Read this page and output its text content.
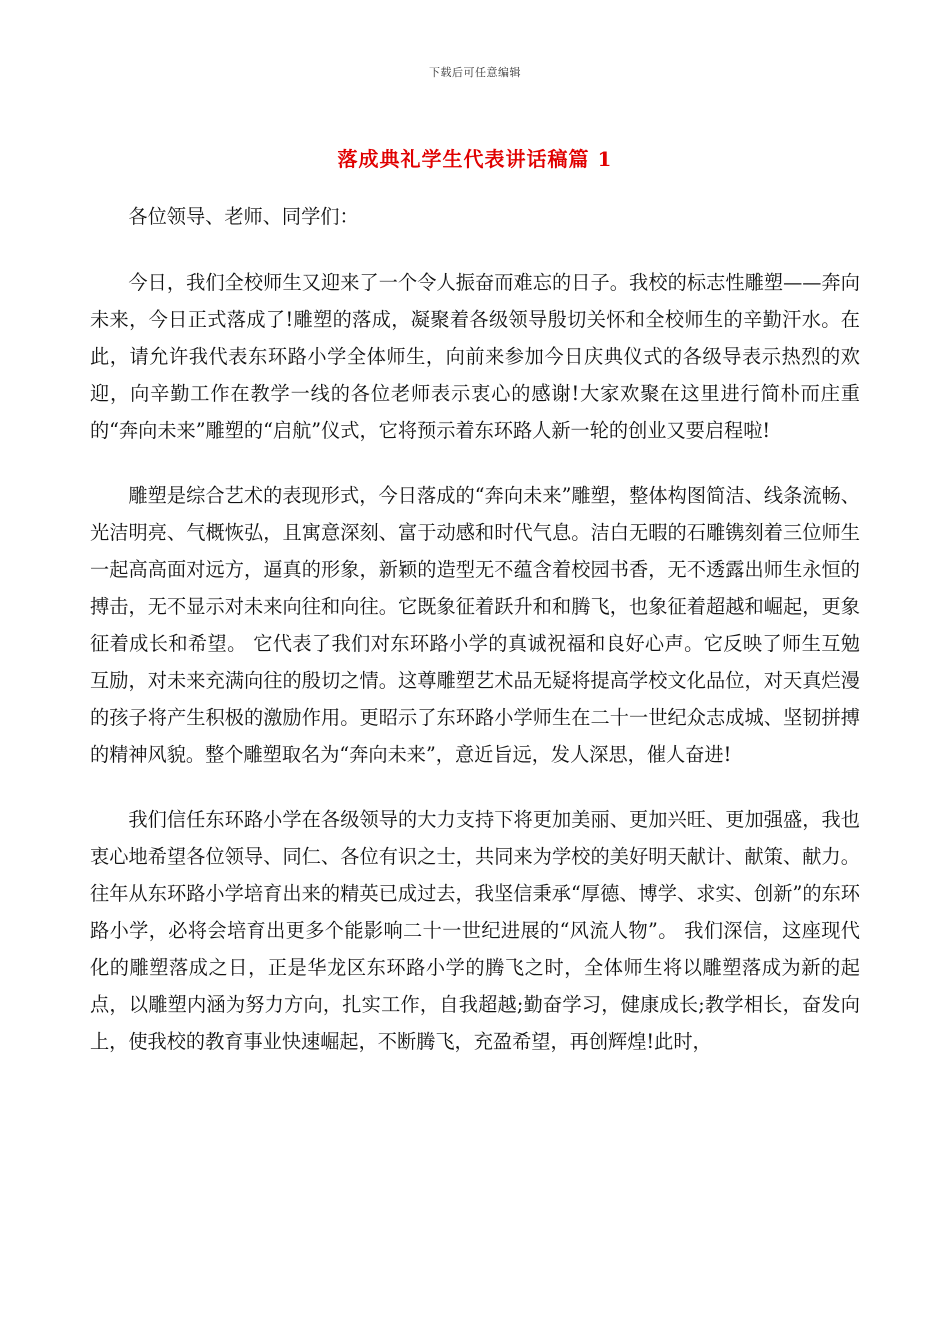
下载后可任意编辑
落成典礼学生代表讲话稿篇 1

各位领导、老师、同学们：

今日，我们全校师生又迎来了一个令人振奋而难忘的日子。我校的标志性雕塑——奔向未来，今日正式落成了!雕塑的落成，凝聚着各级领导殷切关怀和全校师生的辛勤汗水。在此，请允许我代表东环路小学全体师生，向前来参加今日庆典仪式的各级导表示热烈的欢迎，向辛勤工作在教学一线的各位老师表示衷心的感谢!大家欢聚在这里进行简朴而庄重的“奔向未来”雕塑的“启航”仪式，它将预示着东环路人新一轮的创业又要启程啦!

雕塑是综合艺术的表现形式，今日落成的“奔向未来”雕塑，整体构图简洁、线条流畅、光洁明亮、气概恢弘，且寓意深刻、富于动感和时代气息。洁白无暇的石雕镌刻着三位师生一起高高面对远方，逼真的形象，新颖的造型无不蕴含着校园书香，无不透露出师生永恒的搏击，无不显示对未来向往和向往。它既象征着跃升和和腾飞，也象征着超越和崛起，更象征着成长和希望。 它代表了我们对东环路小学的真诚祝福和良好心声。它反映了师生互勉互励，对未来充满向往的殷切之情。这尊雕塑艺术品无疑将提高学校文化品位，对天真烂漫的孩子将产生积极的激励作用。更昭示了东环路小学师生在二十一世纪众志成城、坚韧拼搏的精神风貌。整个雕塑取名为“奔向未来”，意近旨远，发人深思，催人奋进!

我们信任东环路小学在各级领导的大力支持下将更加美丽、更加兴旺、更加强盛，我也衷心地希望各位领导、同仁、各位有识之士，共同来为学校的美好明天献计、献策、献力。 往年从东环路小学培育出来的精英已成过去，我坚信秉承“厚德、博学、求实、创新”的东环路小学，必将会培育出更多个能影响二十一世纪进展的“风流人物”。 我们深信，这座现代化的雕塑落成之日，正是华龙区东环路小学的腾飞之时，全体师生将以雕塑落成为新的起点，以雕塑内涵为努力方向，扎实工作，自我超越;勤奋学习，健康成长;教学相长，奋发向上，使我校的教育事业快速崛起，不断腾飞，充盈希望，再创辉煌!此时，
